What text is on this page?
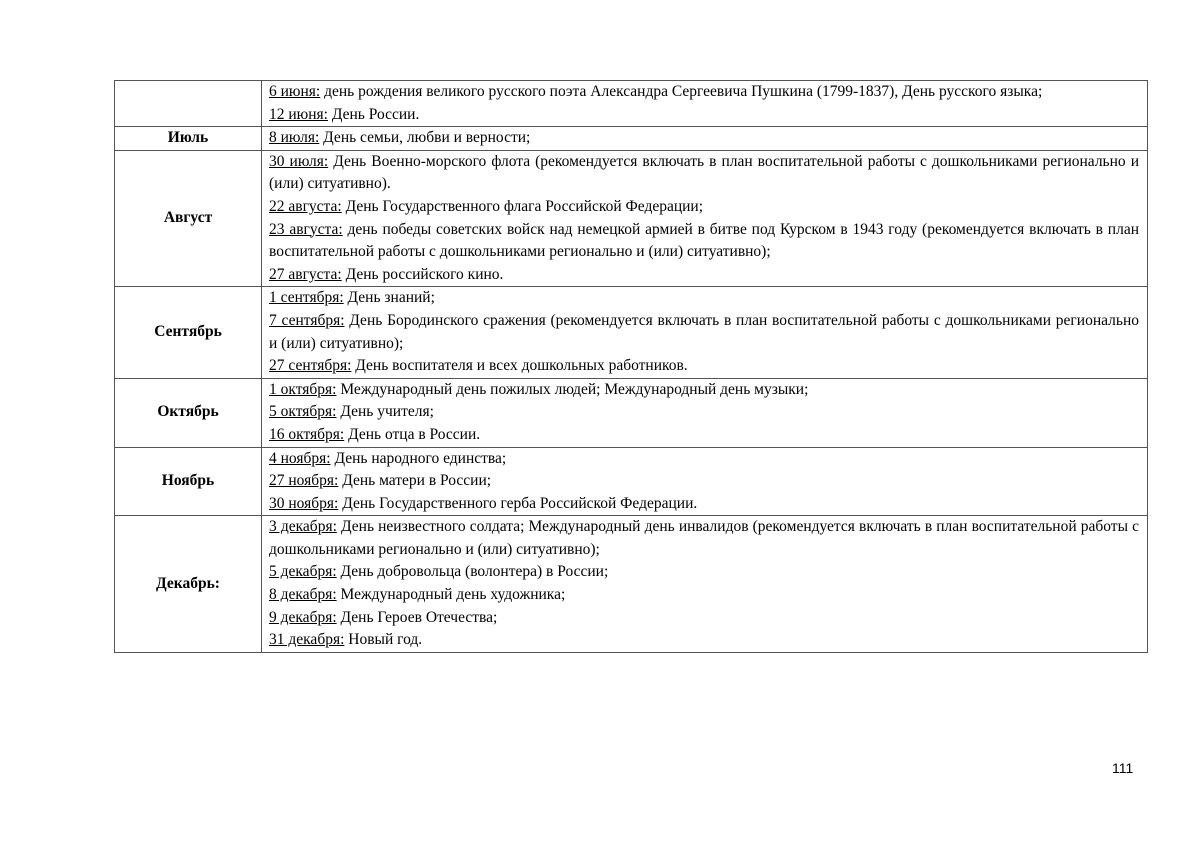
	6 июня: день рождения великого русского поэта Александра Сергеевича Пушкина (1799-1837), День русского языка;
12 июня: День России.

Июль	8 июля: День семьи, любви и верности;

Август	30 июля: День Военно-морского флота (рекомендуется включать в план воспитательной работы с дошкольниками регионально и (или) ситуативно).
22 августа: День Государственного флага Российской Федерации;
23 августа: день победы советских войск над немецкой армией в битве под Курском в 1943 году (рекомендуется включать в план воспитательной работы с дошкольниками регионально и (или) ситуативно);
27 августа: День российского кино.

Сентябрь	1 сентября: День знаний;
7 сентября: День Бородинского сражения (рекомендуется включать в план воспитательной работы с дошкольниками регионально и (или) ситуативно);
27 сентября: День воспитателя и всех дошкольных работников.

Октябрь	1 октября: Международный день пожилых людей; Международный день музыки;
5 октября: День учителя;
16 октября: День отца в России.

Ноябрь	4 ноября: День народного единства;
27 ноября: День матери в России;
30 ноября: День Государственного герба Российской Федерации.

Декабрь:	3 декабря: День неизвестного солдата; Международный день инвалидов (рекомендуется включать в план воспитательной работы с дошкольниками регионально и (или) ситуативно);
5 декабря: День добровольца (волонтера) в России;
8 декабря: Международный день художника;
9 декабря: День Героев Отечества;
31 декабря: Новый год.
111
